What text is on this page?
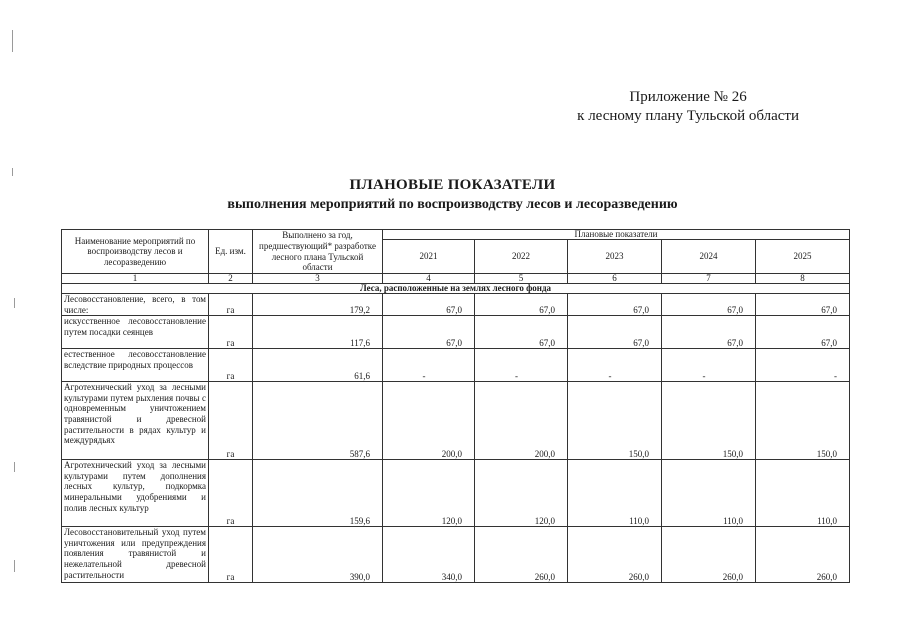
Приложение № 26
к лесному плану Тульской области
ПЛАНОВЫЕ ПОКАЗАТЕЛИ
выполнения мероприятий по воспроизводству лесов и лесоразведению
Наименование мероприятий по воспроизводству лесов и лесоразведению	Ед. изм.	Выполнено за год, предшествующий* разработке лесного плана Тульской области	Плановые показатели				
			2021	2022	2023	2024	2025
1	2	3	4	5	6	7	8
Леса, расположенные на землях лесного фонда							
Лесовосстановление, всего, в том числе:	га	179,2	67,0	67,0	67,0	67,0	67,0
искусственное лесовосстановление путем посадки сеянцев	га	117,6	67,0	67,0	67,0	67,0	67,0
естественное лесовосстановление вследствие природных процессов	га	61,6	-	-	-	-	-
Агротехнический уход за лесными культурами путем рыхления почвы с одновременным уничтожением травянистой и древесной растительности в рядах культур и междурядьях	га	587,6	200,0	200,0	150,0	150,0	150,0
Агротехнический уход за лесными культурами путем дополнения лесных культур, подкормка минеральными удобрениями и полив лесных культур	га	159,6	120,0	120,0	110,0	110,0	110,0
Лесовосстановительный уход путем уничтожения или предупреждения появления травянистой и нежелательной древесной растительности	га	390,0	340,0	260,0	260,0	260,0	260,0
